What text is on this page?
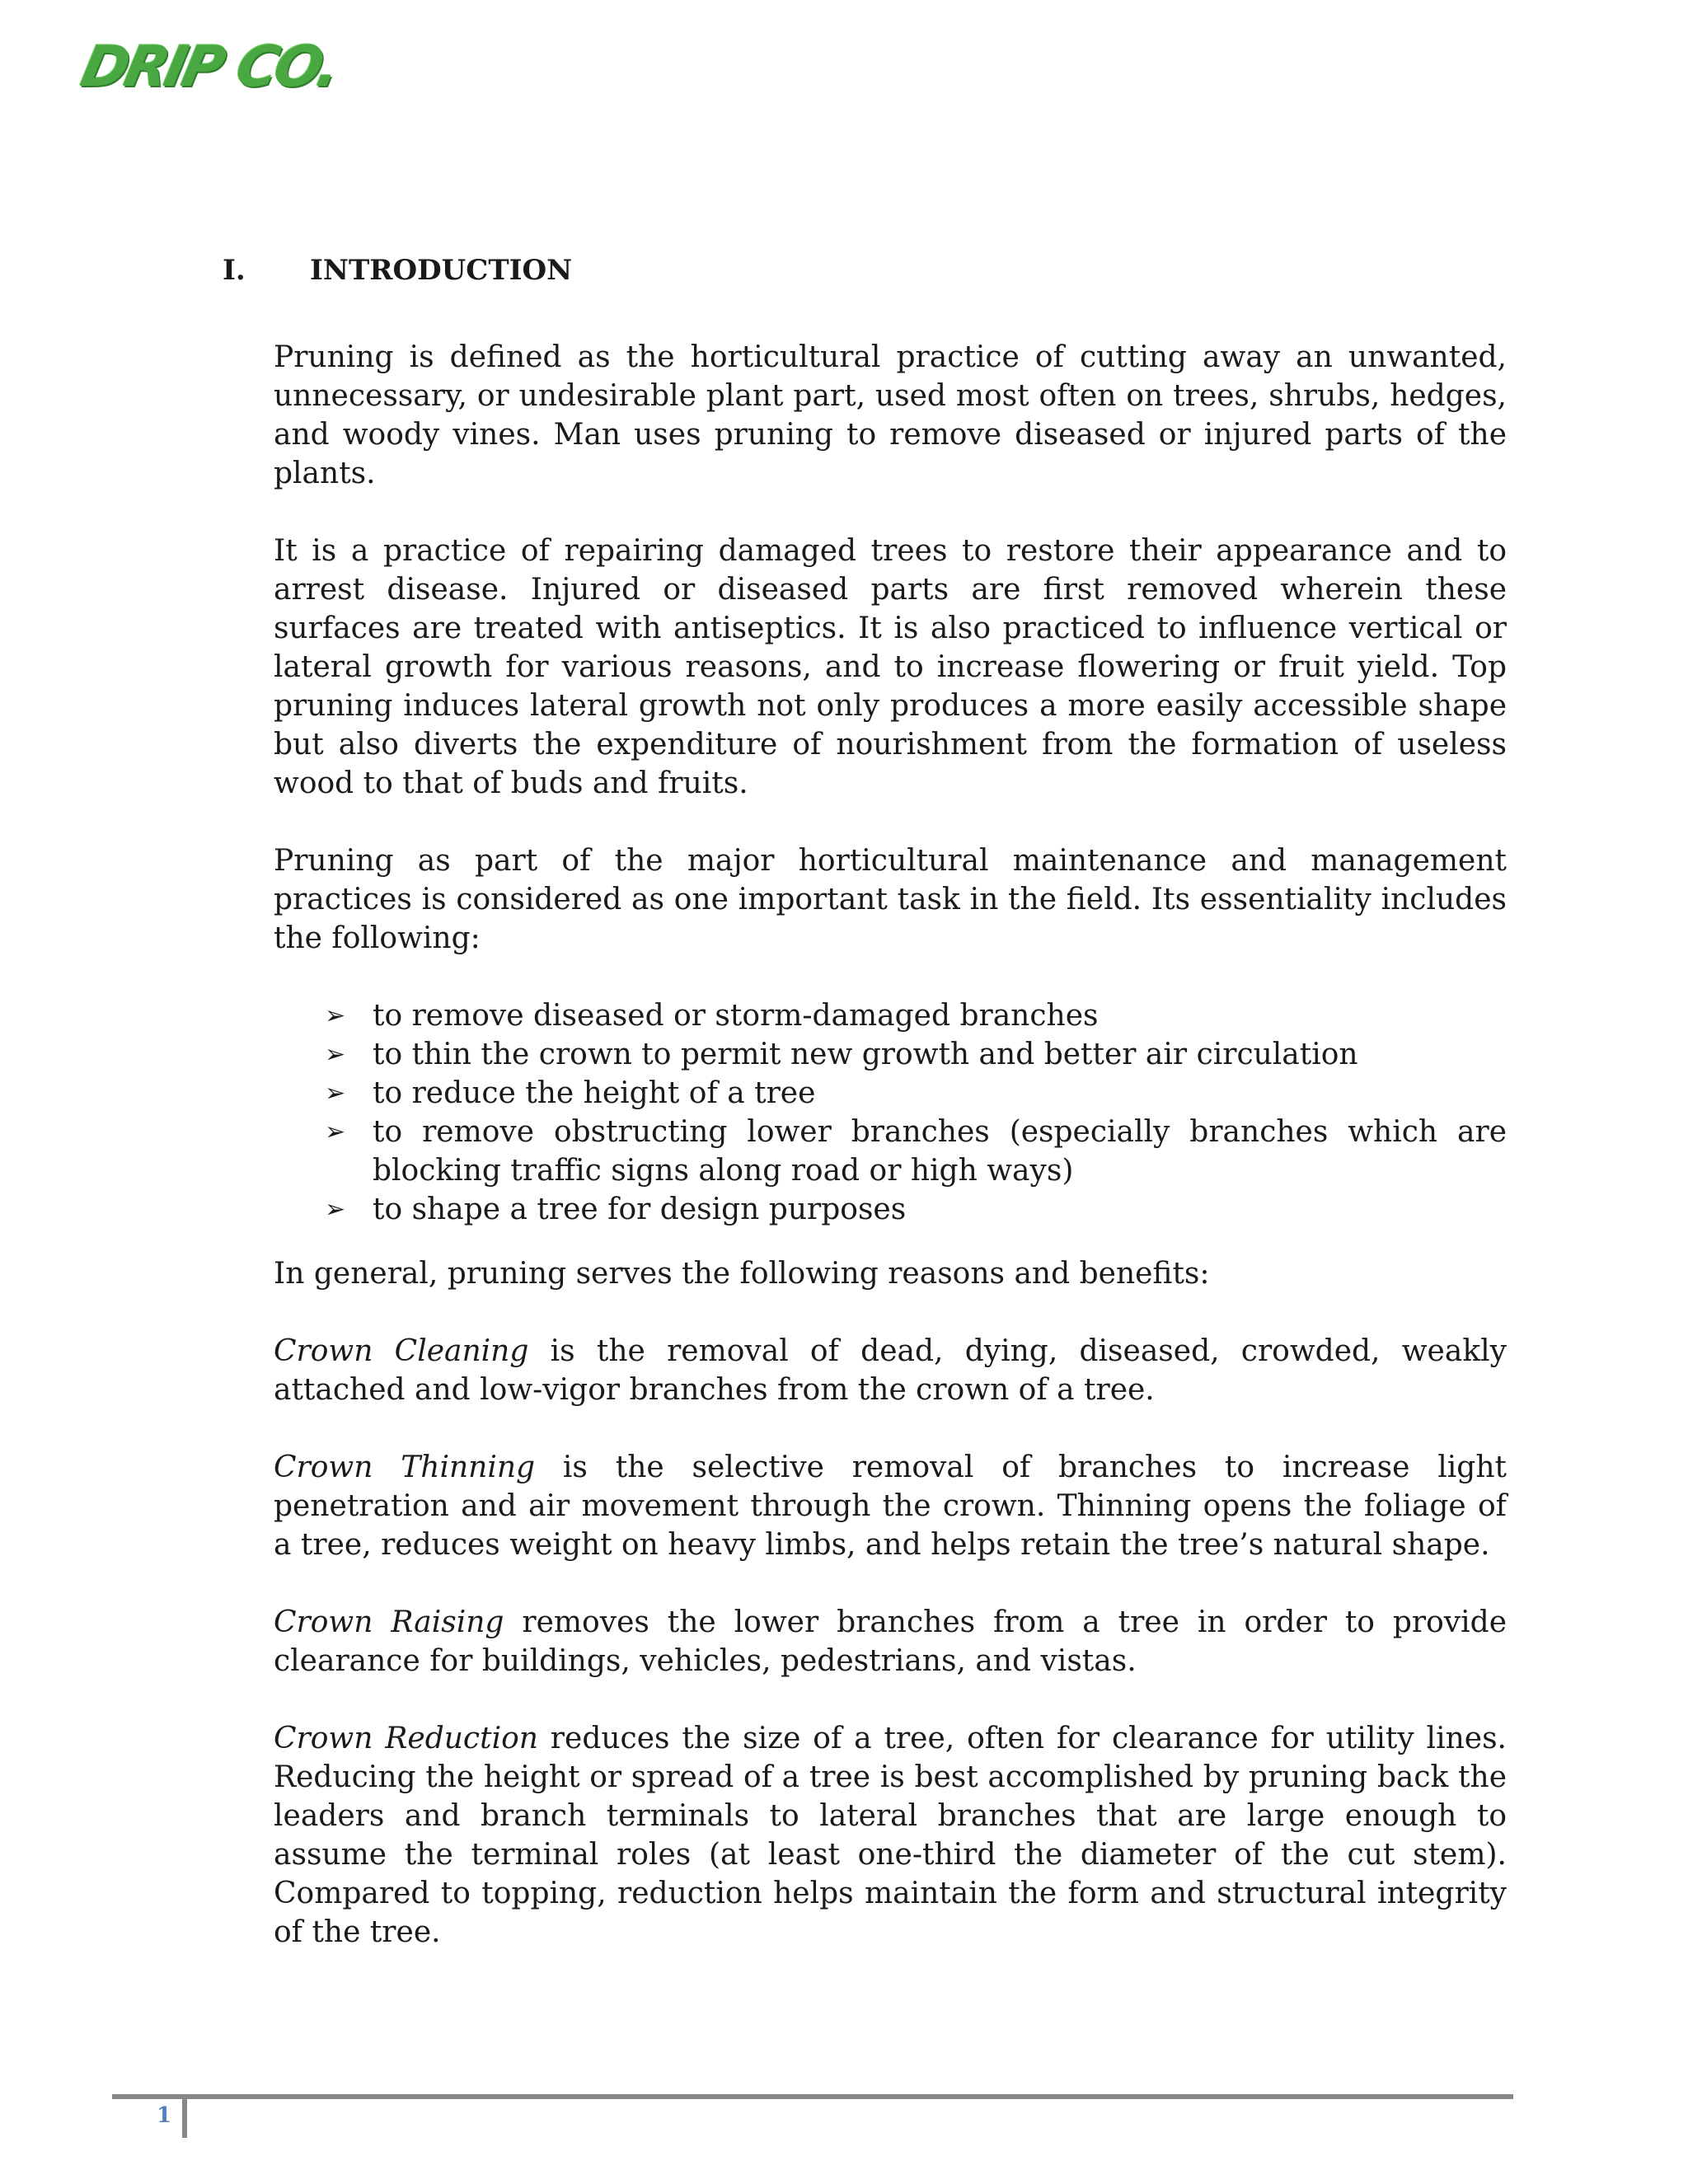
DRIP CO.
I.	INTRODUCTION

Pruning is defined as the horticultural practice of cutting away an unwanted, unnecessary, or undesirable plant part, used most often on trees, shrubs, hedges, and woody vines. Man uses pruning to remove diseased or injured parts of the plants.

It is a practice of repairing damaged trees to restore their appearance and to arrest disease. Injured or diseased parts are first removed wherein these surfaces are treated with antiseptics. It is also practiced to influence vertical or lateral growth for various reasons, and to increase flowering or fruit yield. Top pruning induces lateral growth not only produces a more easily accessible shape but also diverts the expenditure of nourishment from the formation of useless wood to that of buds and fruits.

Pruning as part of the major horticultural maintenance and management practices is considered as one important task in the field. Its essentiality includes the following:

➢ to remove diseased or storm-damaged branches
➢ to thin the crown to permit new growth and better air circulation
➢ to reduce the height of a tree
➢ to remove obstructing lower branches (especially branches which are blocking traffic signs along road or high ways)
➢ to shape a tree for design purposes

In general, pruning serves the following reasons and benefits:

Crown Cleaning is the removal of dead, dying, diseased, crowded, weakly attached and low-vigor branches from the crown of a tree.

Crown Thinning is the selective removal of branches to increase light penetration and air movement through the crown. Thinning opens the foliage of a tree, reduces weight on heavy limbs, and helps retain the tree’s natural shape.

Crown Raising removes the lower branches from a tree in order to provide clearance for buildings, vehicles, pedestrians, and vistas.

Crown Reduction reduces the size of a tree, often for clearance for utility lines. Reducing the height or spread of a tree is best accomplished by pruning back the leaders and branch terminals to lateral branches that are large enough to assume the terminal roles (at least one-third the diameter of the cut stem). Compared to topping, reduction helps maintain the form and structural integrity of the tree.

1
